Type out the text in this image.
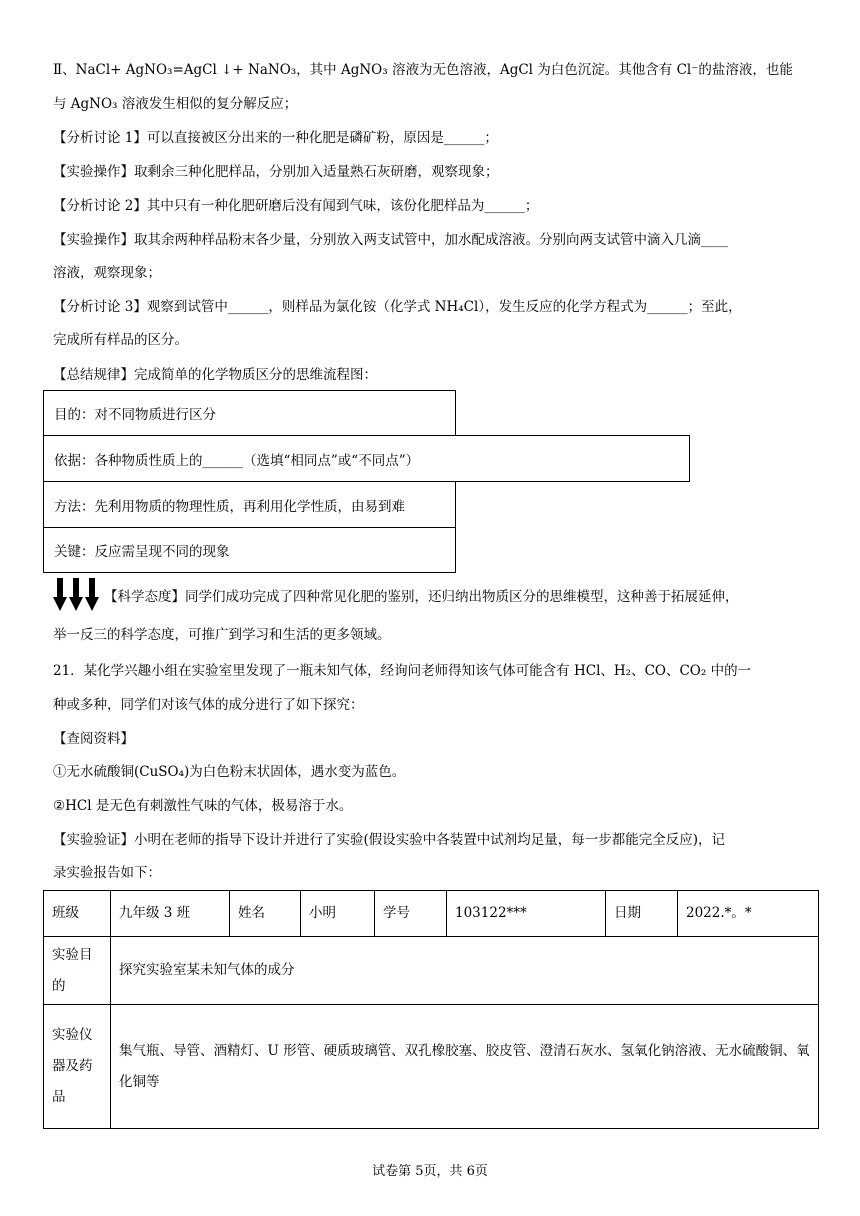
Ⅱ、NaCl+ AgNO₃=AgCl ↓+ NaNO₃，其中 AgNO₃ 溶液为无色溶液，AgCl 为白色沉淀。其他含有 Cl⁻的盐溶液，也能
与 AgNO₃ 溶液发生相似的复分解反应；
【分析讨论 1】可以直接被区分出来的一种化肥是磷矿粉，原因是______；
【实验操作】取剩余三种化肥样品，分别加入适量熟石灰研磨，观察现象；
【分析讨论 2】其中只有一种化肥研磨后没有闻到气味，该份化肥样品为______；
【实验操作】取其余两种样品粉末各少量，分别放入两支试管中，加水配成溶液。分别向两支试管中滴入几滴____
溶液，观察现象；
【分析讨论 3】观察到试管中______，则样品为氯化铵（化学式 NH₄Cl），发生反应的化学方程式为______；至此，
完成所有样品的区分。
【总结规律】完成简单的化学物质区分的思维流程图：
目的：对不同物质进行区分
依据：各种物质性质上的______（选填“相同点”或“不同点”）
方法：先利用物质的物理性质，再利用化学性质，由易到难
关键：反应需呈现不同的现象
【科学态度】同学们成功完成了四种常见化肥的鉴别，还归纳出物质区分的思维模型，这种善于拓展延伸，
举一反三的科学态度，可推广到学习和生活的更多领域。
21．某化学兴趣小组在实验室里发现了一瓶未知气体，经询问老师得知该气体可能含有 HCl、H₂、CO、CO₂ 中的一
种或多种，同学们对该气体的成分进行了如下探究：
【查阅资料】
①无水硫酸铜(CuSO₄)为白色粉末状固体，遇水变为蓝色。
②HCl 是无色有刺激性气味的气体，极易溶于水。
【实验验证】小明在老师的指导下设计并进行了实验(假设实验中各装置中试剂均足量，每一步都能完全反应)，记
录实验报告如下：
班级	九年级 3 班	姓名	小明	学号	103122***	日期	2022.*。*
实验目的	探究实验室某未知气体的成分						
实验仪器及药品	集气瓶、导管、酒精灯、U 形管、硬质玻璃管、双孔橡胶塞、胶皮管、澄清石灰水、氢氧化钠溶液、无水硫酸铜、氧化铜等						
试卷第 5页，共 6页
